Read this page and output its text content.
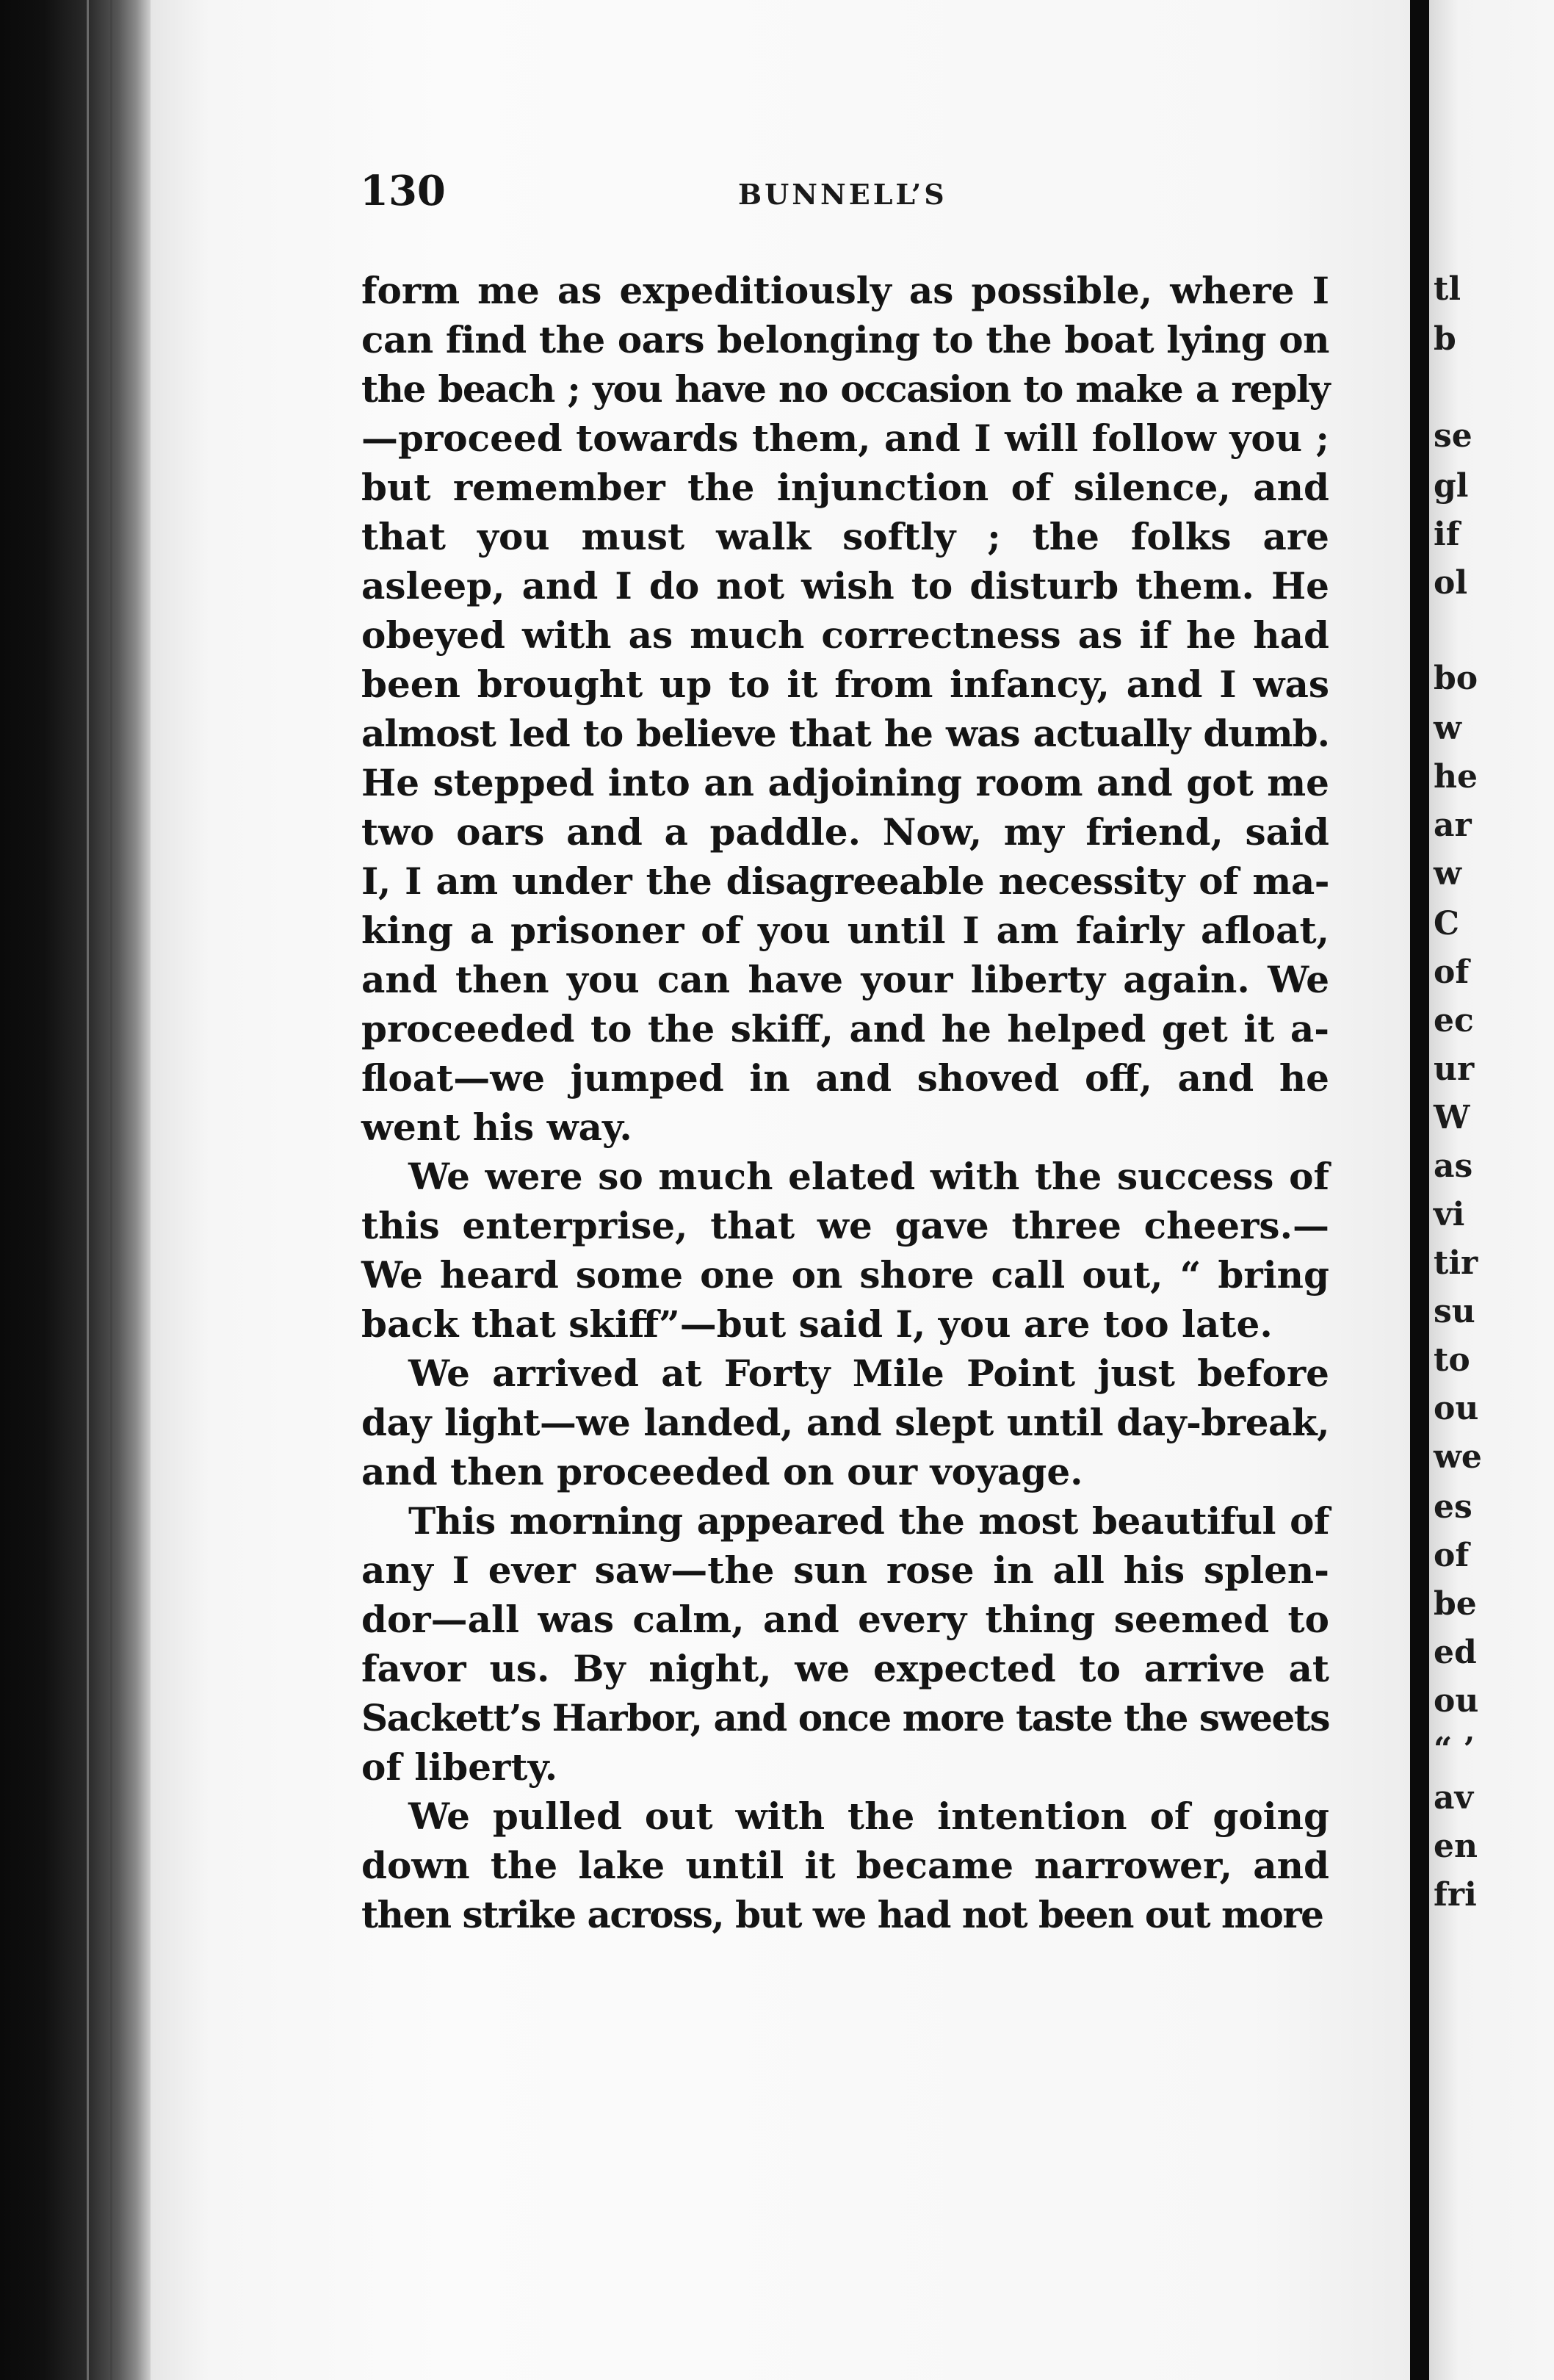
130	BUNNELL’S
form me as expeditiously as possible, where I
can find the oars belonging to the boat lying on
the beach ; you have no occasion to make a reply
—proceed towards them, and I will follow you ;
but remember the injunction of silence, and
that you must walk softly ; the folks are
asleep, and I do not wish to disturb them. He
obeyed with as much correctness as if he had
been brought up to it from infancy, and I was
almost led to believe that he was actually dumb.
He stepped into an adjoining room and got me
two oars and a paddle. Now, my friend, said
I, I am under the disagreeable necessity of ma-
king a prisoner of you until I am fairly afloat,
and then you can have your liberty again. We
proceeded to the skiff, and he helped get it a-
float—we jumped in and shoved off, and he
went his way.
We were so much elated with the success of
this enterprise, that we gave three cheers.—
We heard some one on shore call out, “ bring
back that skiff”—but said I, you are too late.
We arrived at Forty Mile Point just before
day light—we landed, and slept until day-break,
and then proceeded on our voyage.
This morning appeared the most beautiful of
any I ever saw—the sun rose in all his splen-
dor—all was calm, and every thing seemed to
favor us. By night, we expected to arrive at
Sackett’s Harbor, and once more taste the sweets
of liberty.
We pulled out with the intention of going
down the lake until it became narrower, and
then strike across, but we had not been out more
tl
b
se
gl
if
ol
bo
w
he
ar
w
C
of
ec
ur
W
as
vi
tir
su
to
ou
we
es
of
be
ed
ou
“ ’
av
en
fri
